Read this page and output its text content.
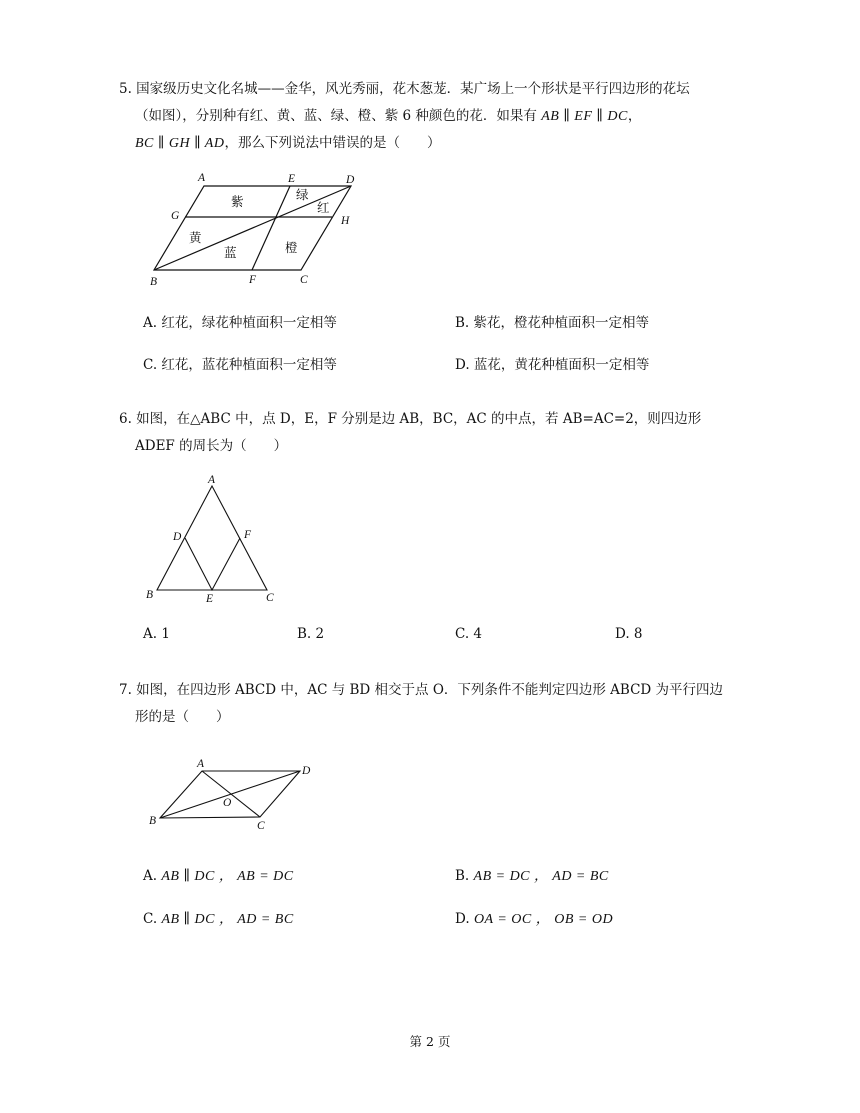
5. 国家级历史文化名城——金华，风光秀丽，花木葱茏．某广场上一个形状是平行四边形的花坛

（如图），分别种有红、黄、蓝、绿、橙、紫 6 种颜色的花．如果有 AB ∥ EF ∥ DC，

BC ∥ GH ∥ AD，那么下列说法中错误的是（　　）

A	E	D
G	H
B	F	C
紫	绿
红
黄
蓝	橙
A. 红花，绿花种植面积一定相等	B. 紫花，橙花种植面积一定相等
C. 红花，蓝花种植面积一定相等	D. 蓝花，黄花种植面积一定相等

6. 如图，在△ABC 中，点 D，E，F 分别是边 AB，BC，AC 的中点，若 AB=AC=2，则四边形

ADEF 的周长为（　　）

A
D	F
B	E	C
A. 1	B. 2	C. 4	D. 8

7. 如图，在四边形 ABCD 中，AC 与 BD 相交于点 O．下列条件不能判定四边形 ABCD 为平行四边

形的是（　　）

A
D
O
B	C
A. AB ∥ DC ， AB = DC	B. AB = DC ， AD = BC
C. AB ∥ DC ， AD = BC	D. OA = OC ， OB = OD
第 2 页
